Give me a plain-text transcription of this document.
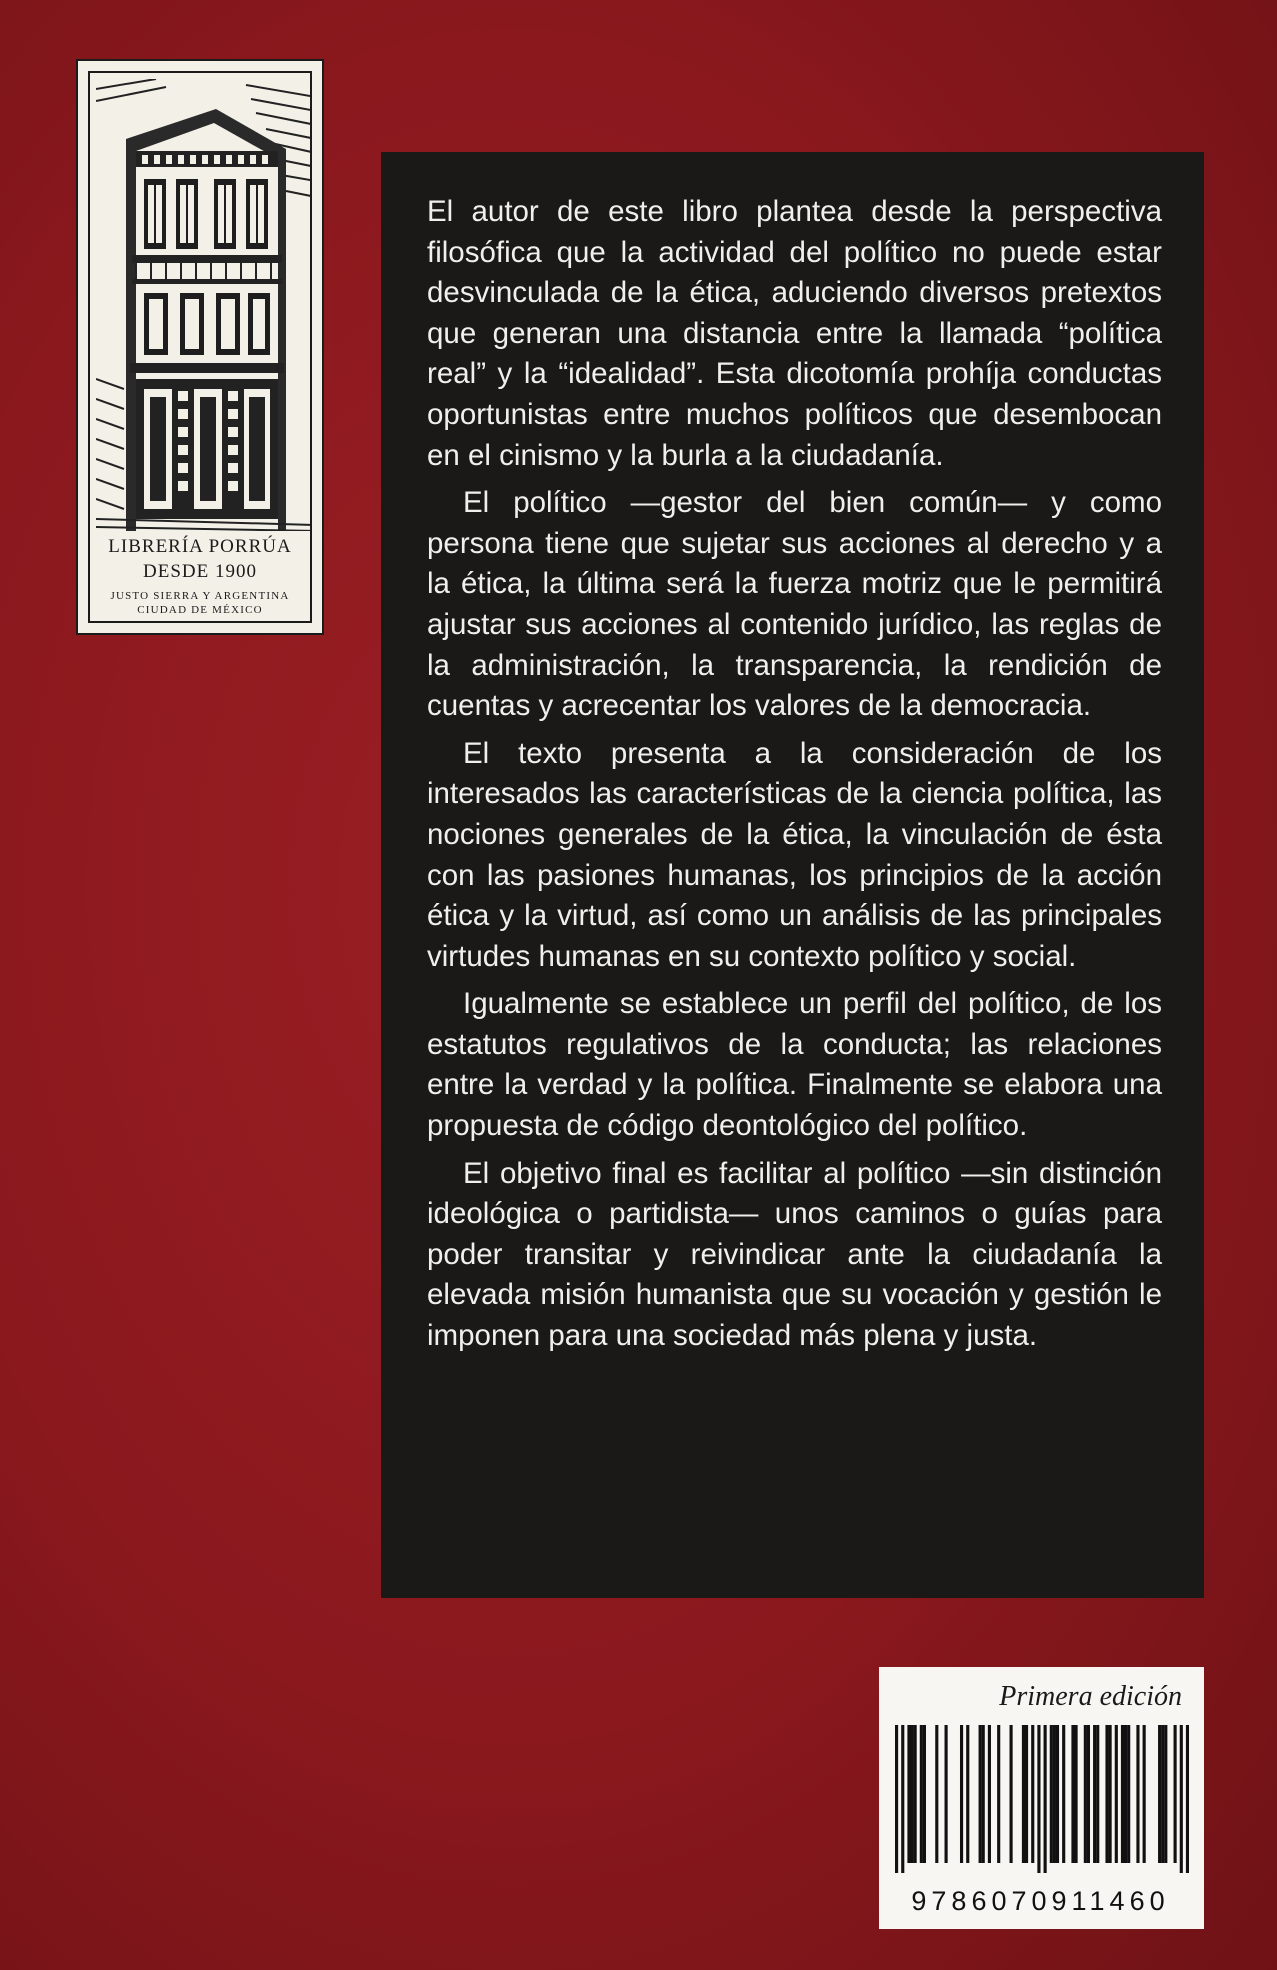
LIBRERÍA PORRÚA
DESDE 1900
JUSTO SIERRA Y ARGENTINA
CIUDAD DE MÉXICO

El autor de este libro plantea desde la perspectiva filosófica que la actividad del político no puede estar desvinculada de la ética, aduciendo diversos pretextos que generan una distancia entre la llamada “política real” y la “idealidad”. Esta dicotomía prohíja conductas oportunistas entre muchos políticos que desembocan en el cinismo y la burla a la ciudadanía.

El político —gestor del bien común— y como persona tiene que sujetar sus acciones al derecho y a la ética, la última será la fuerza motriz que le permitirá ajustar sus acciones al contenido jurídico, las reglas de la administración, la transparencia, la rendición de cuentas y acrecentar los valores de la democracia.

El texto presenta a la consideración de los interesados las características de la ciencia política, las nociones generales de la ética, la vinculación de ésta con las pasiones humanas, los principios de la acción ética y la virtud, así como un análisis de las principales virtudes humanas en su contexto político y social.

Igualmente se establece un perfil del político, de los estatutos regulativos de la conducta; las relaciones entre la verdad y la política. Finalmente se elabora una propuesta de código deontológico del político.

El objetivo final es facilitar al político —sin distinción ideológica o partidista— unos caminos o guías para poder transitar y reivindicar ante la ciudadanía la elevada misión humanista que su vocación y gestión le imponen para una sociedad más plena y justa.

Primera edición
9786070911460
